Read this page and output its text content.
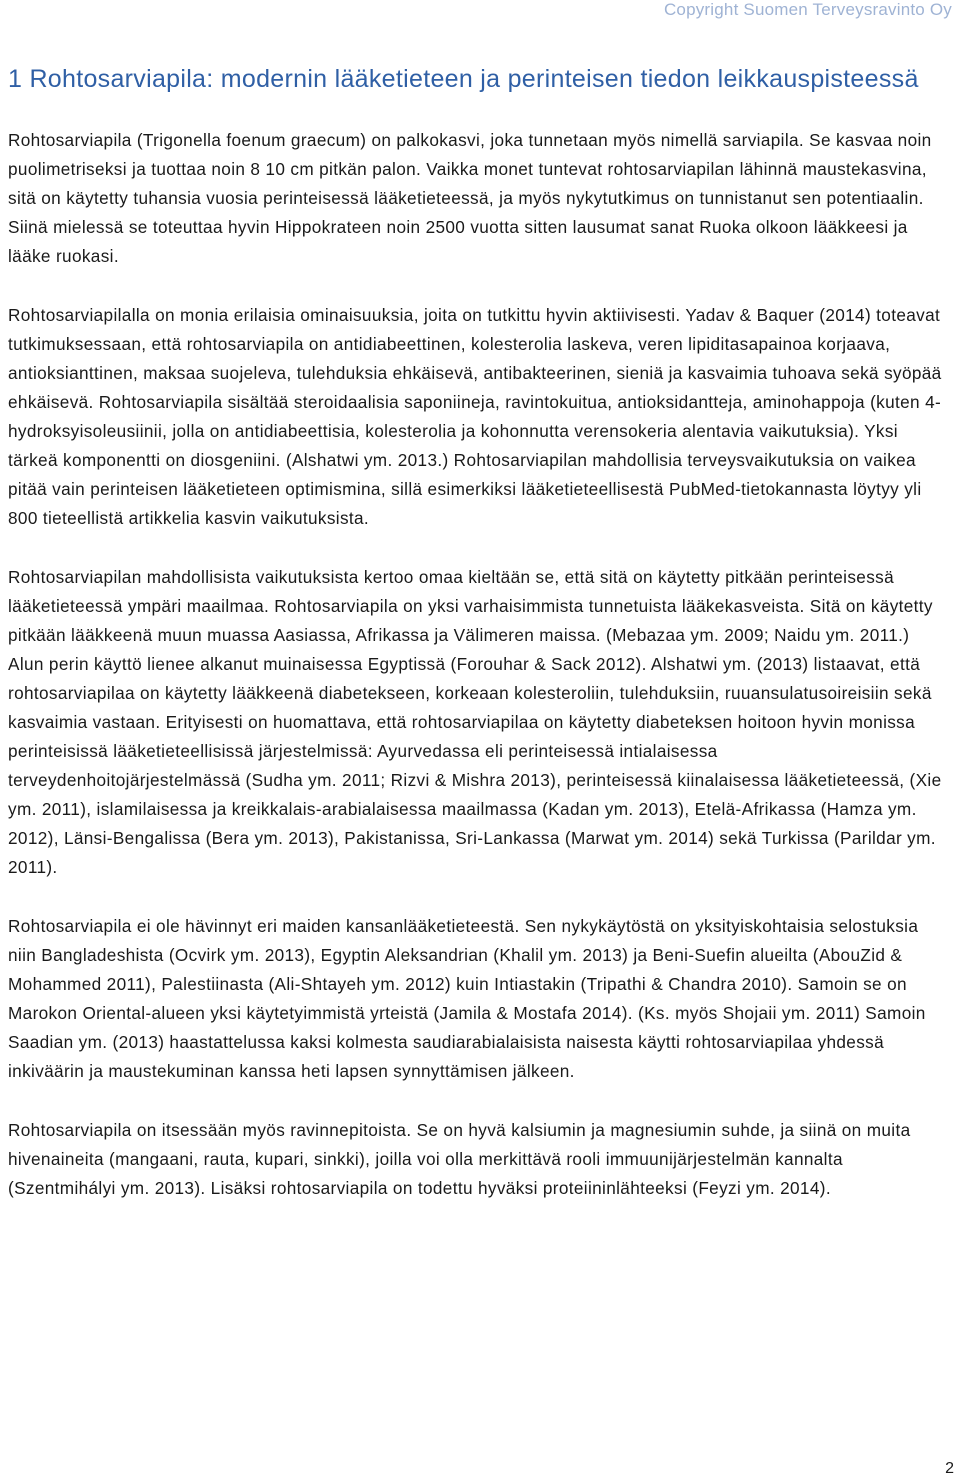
Copyright Suomen Terveysravinto Oy
1 Rohtosarviapila: modernin lääketieteen ja perinteisen tiedon leikkauspisteessä

Rohtosarviapila (Trigonella foenum graecum) on palkokasvi, joka tunnetaan myös nimellä sarviapila. Se kasvaa noin puolimetriseksi ja tuottaa noin 8 10 cm pitkän palon. Vaikka monet tuntevat rohtosarviapilan lähinnä maustekasvina, sitä on käytetty tuhansia vuosia perinteisessä lääketieteessä, ja myös nykytutkimus on tunnistanut sen potentiaalin. Siinä mielessä se toteuttaa hyvin Hippokrateen noin 2500 vuotta sitten lausumat sanat Ruoka olkoon lääkkeesi ja lääke ruokasi.

Rohtosarviapilalla on monia erilaisia ominaisuuksia, joita on tutkittu hyvin aktiivisesti. Yadav & Baquer (2014) toteavat tutkimuksessaan, että rohtosarviapila on antidiabeettinen, kolesterolia laskeva, veren lipiditasapainoa korjaava, antioksianttinen, maksaa suojeleva, tulehduksia ehkäisevä, antibakteerinen, sieniä ja kasvaimia tuhoava sekä syöpää ehkäisevä. Rohtosarviapila sisältää steroidaalisia saponiineja, ravintokuitua, antioksidantteja, aminohappoja (kuten 4-hydroksyisoleusiinii, jolla on antidiabeettisia, kolesterolia ja kohonnutta verensokeria alentavia vaikutuksia). Yksi tärkeä komponentti on diosgeniini. (Alshatwi ym. 2013.) Rohtosarviapilan mahdollisia terveysvaikutuksia on vaikea pitää vain perinteisen lääketieteen optimismina, sillä esimerkiksi lääketieteellisestä PubMed-tietokannasta löytyy yli 800 tieteellistä artikkelia kasvin vaikutuksista.

Rohtosarviapilan mahdollisista vaikutuksista kertoo omaa kieltään se, että sitä on käytetty pitkään perinteisessä lääketieteessä ympäri maailmaa. Rohtosarviapila on yksi varhaisimmista tunnetuista lääkekasveista. Sitä on käytetty pitkään lääkkeenä muun muassa Aasiassa, Afrikassa ja Välimeren maissa. (Mebazaa ym. 2009; Naidu ym. 2011.) Alun perin käyttö lienee alkanut muinaisessa Egyptissä (Forouhar & Sack 2012). Alshatwi ym. (2013) listaavat, että rohtosarviapilaa on käytetty lääkkeenä diabetekseen, korkeaan kolesteroliin, tulehduksiin, ruuansulatusoireisiin sekä kasvaimia vastaan. Erityisesti on huomattava, että rohtosarviapilaa on käytetty diabeteksen hoitoon hyvin monissa perinteisissä lääketieteellisissä järjestelmissä: Ayurvedassa eli perinteisessä intialaisessa terveydenhoitojärjestelmässä (Sudha ym. 2011; Rizvi & Mishra 2013), perinteisessä kiinalaisessa lääketieteessä, (Xie ym. 2011), islamilaisessa ja kreikkalais-arabialaisessa maailmassa (Kadan ym. 2013), Etelä-Afrikassa (Hamza ym. 2012), Länsi-Bengalissa (Bera ym. 2013), Pakistanissa, Sri-Lankassa (Marwat ym. 2014) sekä Turkissa (Parildar ym. 2011).

Rohtosarviapila ei ole hävinnyt eri maiden kansanlääketieteestä. Sen nykykäytöstä on yksityiskohtaisia selostuksia niin Bangladeshista (Ocvirk ym. 2013), Egyptin Aleksandrian (Khalil ym. 2013) ja Beni-Suefin alueilta (AbouZid & Mohammed 2011), Palestiinasta (Ali-Shtayeh ym. 2012) kuin Intiastakin (Tripathi & Chandra 2010). Samoin se on Marokon Oriental-alueen yksi käytetyimmistä yrteistä (Jamila & Mostafa 2014). (Ks. myös Shojaii ym. 2011) Samoin Saadian ym. (2013) haastattelussa kaksi kolmesta saudiarabialaisista naisesta käytti rohtosarviapilaa yhdessä inkiväärin ja maustekuminan kanssa heti lapsen synnyttämisen jälkeen.

Rohtosarviapila on itsessään myös ravinnepitoista. Se on hyvä kalsiumin ja magnesiumin suhde, ja siinä on muita hivenaineita (mangaani, rauta, kupari, sinkki), joilla voi olla merkittävä rooli immuunijärjestelmän kannalta (Szentmihályi ym. 2013). Lisäksi rohtosarviapila on todettu hyväksi proteiininlähteeksi (Feyzi ym. 2014).

2
